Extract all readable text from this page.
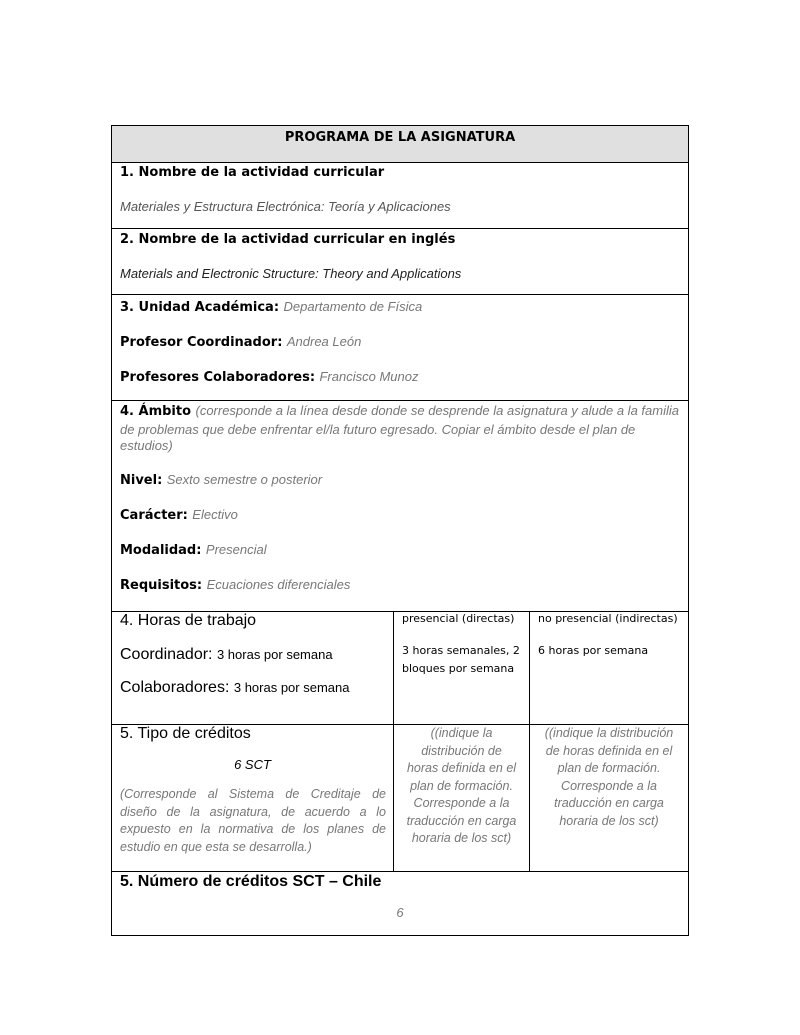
PROGRAMA DE LA ASIGNATURA
1. Nombre de la actividad curricular
Materiales y Estructura Electrónica: Teoría y Aplicaciones
2. Nombre de la actividad curricular en inglés
Materials and Electronic Structure: Theory and Applications
3. Unidad Académica: Departamento de Física
Profesor Coordinador: Andrea León
Profesores Colaboradores: Francisco Munoz
4. Ámbito (corresponde a la línea desde donde se desprende la asignatura y alude a la familia
de problemas que debe enfrentar el/la futuro egresado. Copiar el ámbito desde el plan de
estudios)
Nivel: Sexto semestre o posterior
Carácter: Electivo
Modalidad: Presencial
Requisitos: Ecuaciones diferenciales
4. Horas de trabajo
Coordinador: 3 horas por semana
Colaboradores: 3 horas por semana
presencial (directas)
3 horas semanales, 2
bloques por semana
no presencial (indirectas)
6 horas por semana
5. Tipo de créditos
6 SCT
(Corresponde al Sistema de Creditaje de
diseño de la asignatura, de acuerdo a lo
expuesto en la normativa de los planes de
estudio en que esta se desarrolla.)
((indique la
distribución de
horas definida en el
plan de formación.
Corresponde a la
traducción en carga
horaria de los sct)
((indique la distribución
de horas definida en el
plan de formación.
Corresponde a la
traducción en carga
horaria de los sct)
5. Número de créditos SCT – Chile
6
